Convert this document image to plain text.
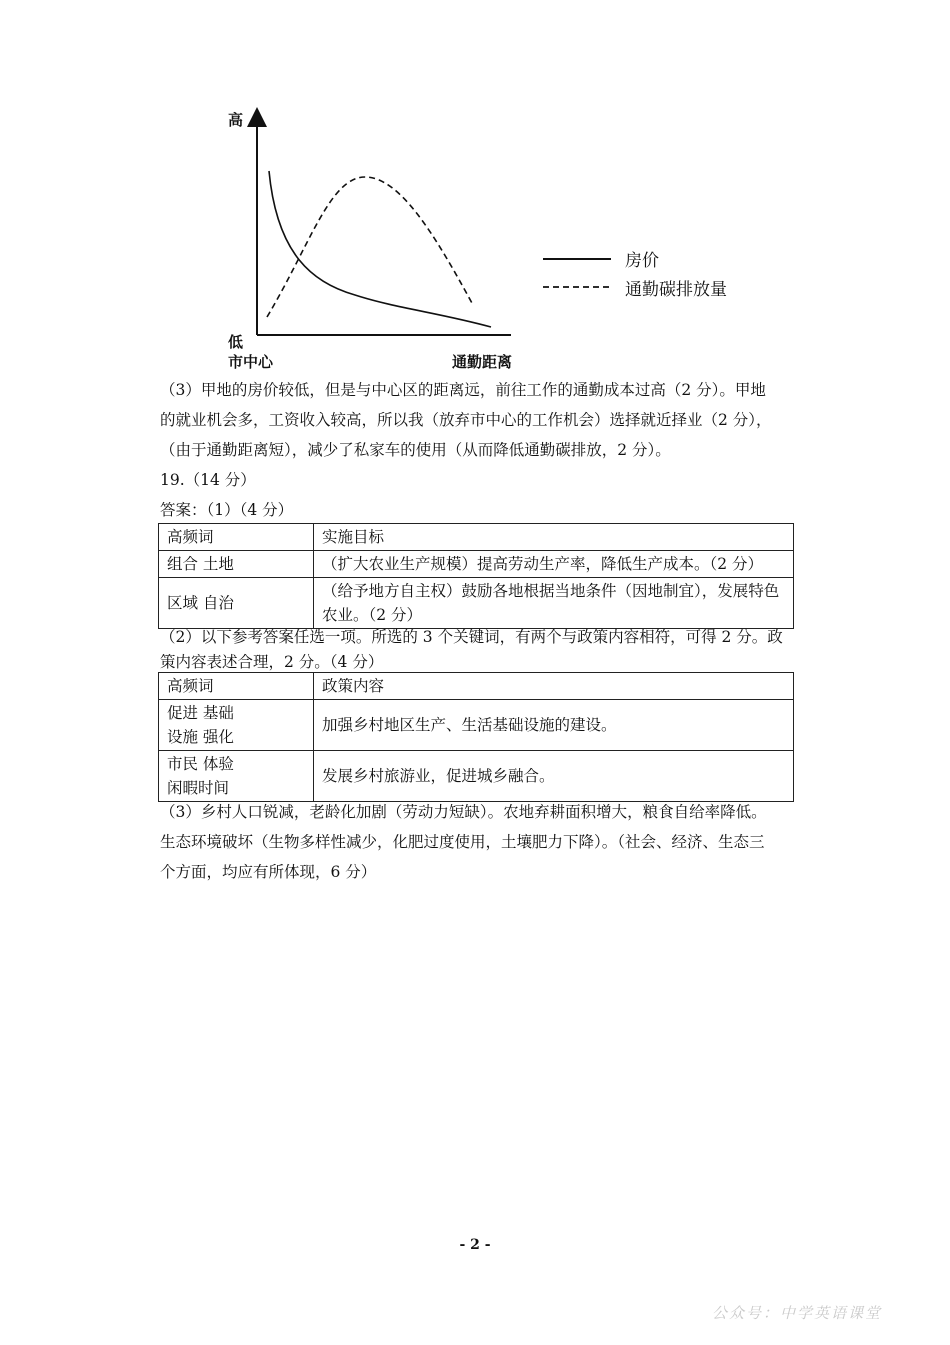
高
低
市中心	通勤距离
房价
通勤碳排放量
（3）甲地的房价较低，但是与中心区的距离远，前往工作的通勤成本过高（2 分）。甲地
的就业机会多，工资收入较高，所以我（放弃市中心的工作机会）选择就近择业（2 分），
（由于通勤距离短），减少了私家车的使用（从而降低通勤碳排放，2 分）。
19.（14 分）
答案：（1）（4 分）
高频词	实施目标
组合 土地	（扩大农业生产规模）提高劳动生产率，降低生产成本。（2 分）
区域 自治	（给予地方自主权）鼓励各地根据当地条件（因地制宜），发展特色农业。（2 分）
（2）以下参考答案任选一项。所选的 3 个关键词，有两个与政策内容相符，可得 2 分。政
策内容表述合理，2 分。（4 分）
高频词	政策内容

促进 基础
设施 强化	加强乡村地区生产、生活基础设施的建设。

市民 体验
闲暇时间	发展乡村旅游业，促进城乡融合。
（3）乡村人口锐减，老龄化加剧（劳动力短缺）。农地弃耕面积增大，粮食自给率降低。
生态环境破坏（生物多样性减少，化肥过度使用，土壤肥力下降）。（社会、经济、生态三
个方面，均应有所体现，6 分）
- 2 -
公众号：中学英语课堂
